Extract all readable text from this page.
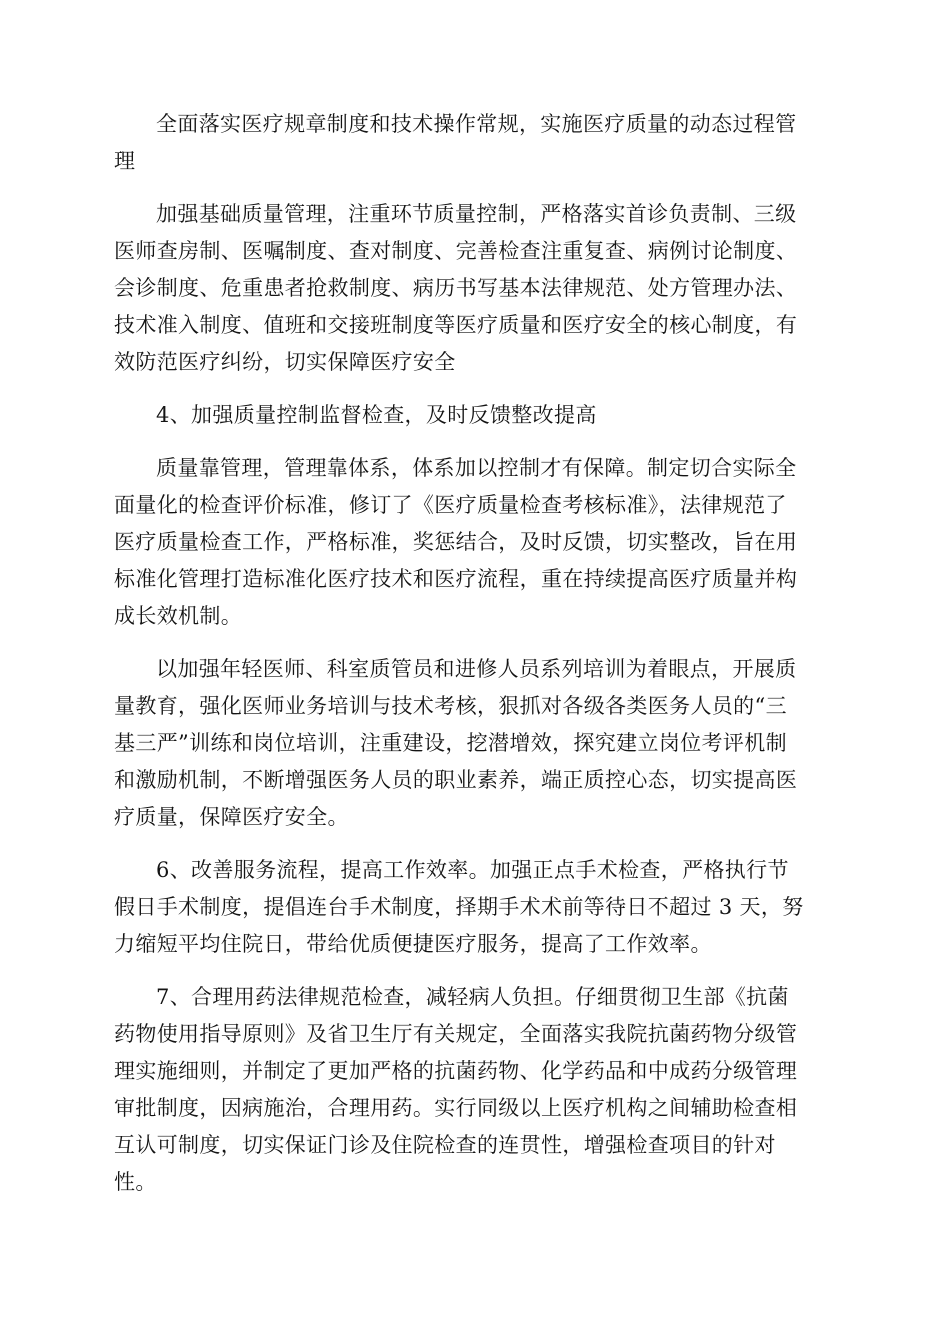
全面落实医疗规章制度和技术操作常规，实施医疗质量的动态过程管
理
加强基础质量管理，注重环节质量控制，严格落实首诊负责制、三级
医师查房制、医嘱制度、查对制度、完善检查注重复查、病例讨论制度、
会诊制度、危重患者抢救制度、病历书写基本法律规范、处方管理办法、
技术准入制度、值班和交接班制度等医疗质量和医疗安全的核心制度，有
效防范医疗纠纷，切实保障医疗安全
4、加强质量控制监督检查，及时反馈整改提高
质量靠管理，管理靠体系，体系加以控制才有保障。制定切合实际全
面量化的检查评价标准，修订了《医疗质量检查考核标准》，法律规范了
医疗质量检查工作，严格标准，奖惩结合，及时反馈，切实整改，旨在用
标准化管理打造标准化医疗技术和医疗流程，重在持续提高医疗质量并构
成长效机制。
以加强年轻医师、科室质管员和进修人员系列培训为着眼点，开展质
量教育，强化医师业务培训与技术考核，狠抓对各级各类医务人员的“三
基三严”训练和岗位培训，注重建设，挖潜增效，探究建立岗位考评机制
和激励机制，不断增强医务人员的职业素养，端正质控心态，切实提高医
疗质量，保障医疗安全。
6、改善服务流程，提高工作效率。加强正点手术检查，严格执行节
假日手术制度，提倡连台手术制度，择期手术术前等待日不超过 3 天，努
力缩短平均住院日，带给优质便捷医疗服务，提高了工作效率。
7、合理用药法律规范检查，减轻病人负担。仔细贯彻卫生部《抗菌
药物使用指导原则》及省卫生厅有关规定，全面落实我院抗菌药物分级管
理实施细则，并制定了更加严格的抗菌药物、化学药品和中成药分级管理
审批制度，因病施治，合理用药。实行同级以上医疗机构之间辅助检查相
互认可制度，切实保证门诊及住院检查的连贯性，增强检查项目的针对
性。
